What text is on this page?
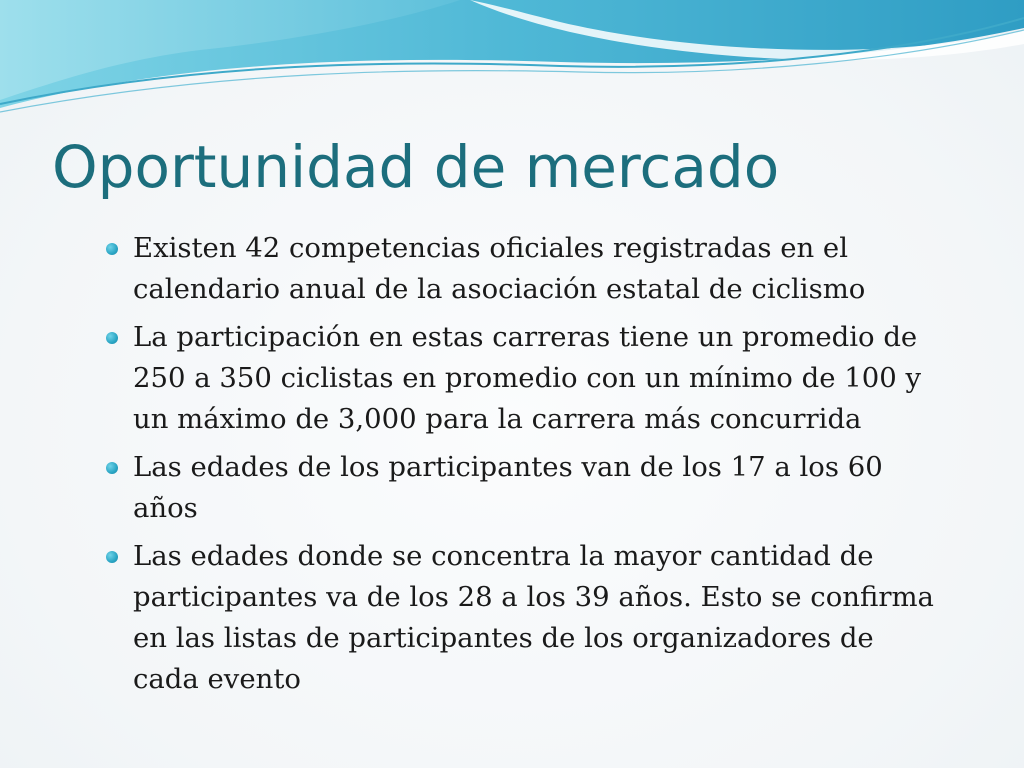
Oportunidad de mercado
Existen 42 competencias oficiales registradas en el
calendario anual de la asociación estatal de ciclismo
La participación en estas carreras tiene un promedio de
250 a 350 ciclistas en promedio con un mínimo de 100 y
un máximo de 3,000 para la carrera más concurrida
Las edades de los participantes van de los 17 a los 60
años
Las edades donde se concentra la mayor cantidad de
participantes va de los 28 a los 39 años. Esto se confirma
en las listas de participantes de los organizadores de
cada evento
